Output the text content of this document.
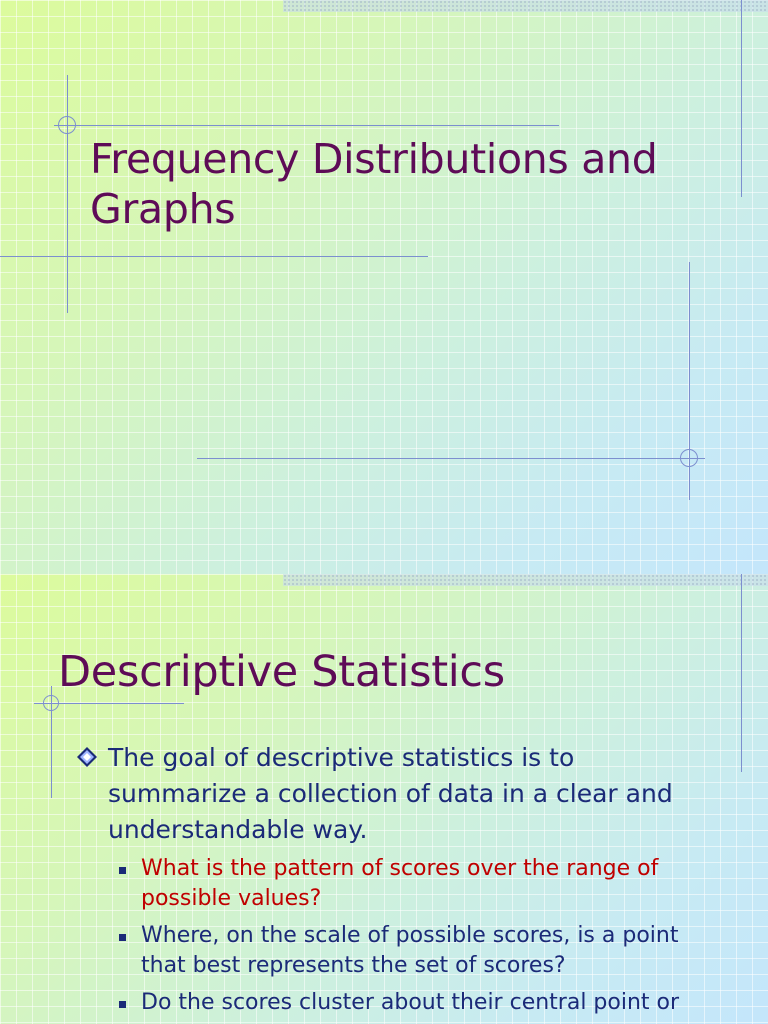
Frequency Distributions and Graphs
Descriptive Statistics
The goal of descriptive statistics is to summarize a collection of data in a clear and understandable way.
What is the pattern of scores over the range of possible values?
Where, on the scale of possible scores, is a point that best represents the set of scores?
Do the scores cluster about their central point or
